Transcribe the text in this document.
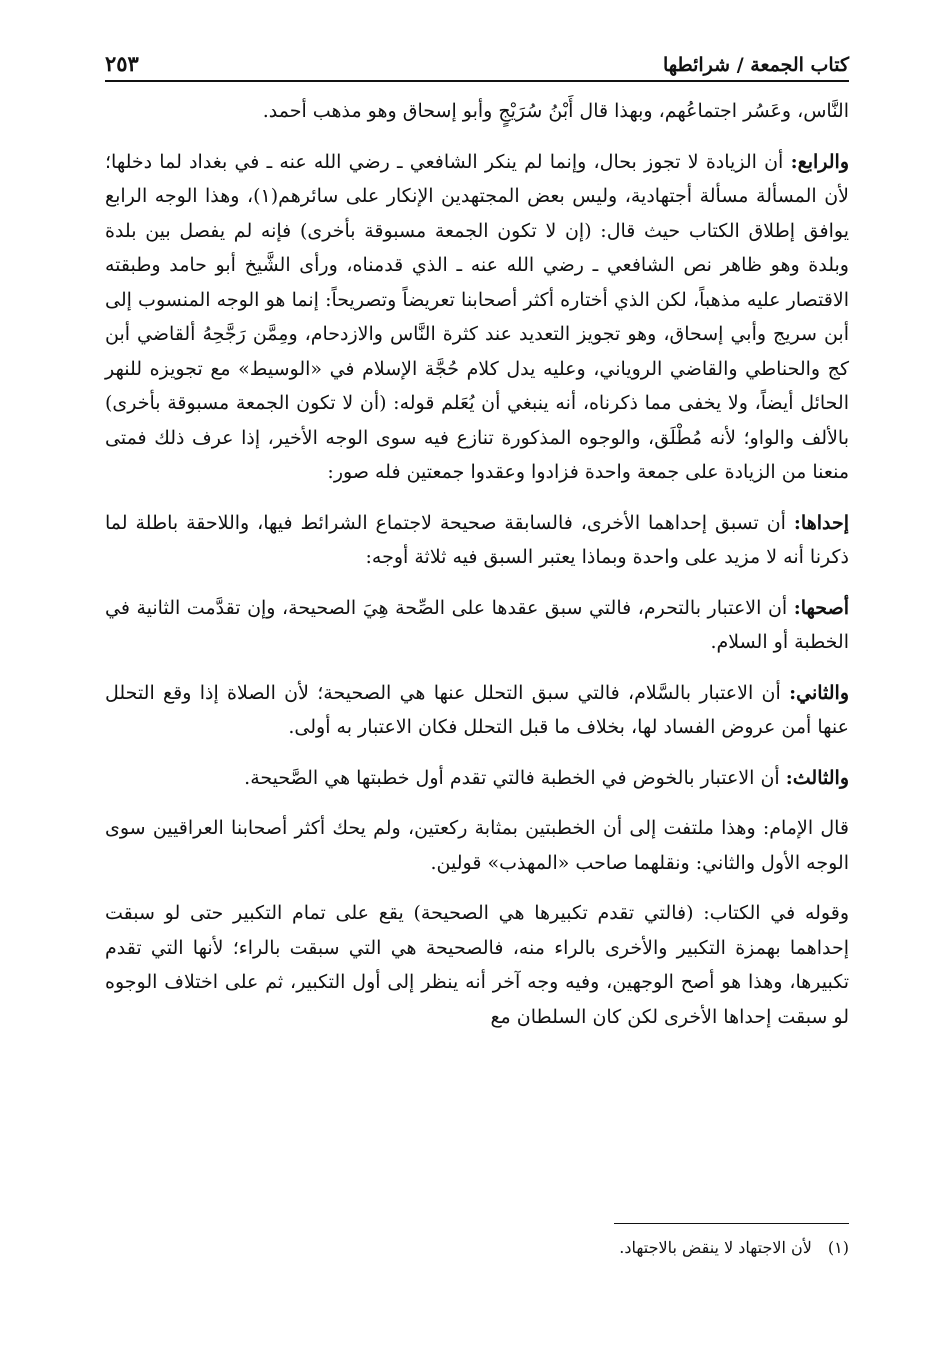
كتاب الجمعة / شرائطها
٢٥٣

النَّاس، وعَسُر اجتماعُهم، وبهذا قال أَبْنُ سُرَيْجٍ وأبو إسحاق وهو مذهب أحمد.

والرابع: أن الزيادة لا تجوز بحال، وإنما لم ينكر الشافعي ـ رضي الله عنه ـ في بغداد لما دخلها؛ لأن المسألة مسألة أجتهادية، وليس بعض المجتهدين الإنكار على سائرهم(١)، وهذا الوجه الرابع يوافق إطلاق الكتاب حيث قال: (إن لا تكون الجمعة مسبوقة بأخرى) فإنه لم يفصل بين بلدة وبلدة وهو ظاهر نص الشافعي ـ رضي الله عنه ـ الذي قدمناه، ورأى الشَّيخ أبو حامد وطبقته الاقتصار عليه مذهباً، لكن الذي أختاره أكثر أصحابنا تعريضاً وتصريحاً: إنما هو الوجه المنسوب إلى أبن سريج وأبي إسحاق، وهو تجويز التعديد عند كثرة النَّاس والازدحام، ومِمَّن رَجَّحِهُ ألقاضي أبن كج والحناطي والقاضي الروياني، وعليه يدل كلام حُجَّة الإسلام في «الوسيط» مع تجويزه للنهر الحائل أيضاً، ولا يخفى مما ذكرناه، أنه ينبغي أن يُعَلم قوله: (أن لا تكون الجمعة مسبوقة بأخرى) بالألف والواو؛ لأنه مُطْلَق، والوجوه المذكورة تنازع فيه سوى الوجه الأخير، إذا عرف ذلك فمتى منعنا من الزيادة على جمعة واحدة فزادوا وعقدوا جمعتين فله صور:

إحداها: أن تسبق إحداهما الأخرى، فالسابقة صحيحة لاجتماع الشرائط فيها، واللاحقة باطلة لما ذكرنا أنه لا مزيد على واحدة وبماذا يعتبر السبق فيه ثلاثة أوجه:

أصحها: أن الاعتبار بالتحرم، فالتي سبق عقدها على الصِّحة هِيَ الصحيحة، وإن تقدَّمت الثانية في الخطبة أو السلام.

والثاني: أن الاعتبار بالسَّلام، فالتي سبق التحلل عنها هي الصحيحة؛ لأن الصلاة إذا وقع التحلل عنها أمن عروض الفساد لها، بخلاف ما قبل التحلل فكان الاعتبار به أولى.

والثالث: أن الاعتبار بالخوض في الخطبة فالتي تقدم أول خطبتها هي الصَّحيحة.

قال الإمام: وهذا ملتفت إلى أن الخطبتين بمثابة ركعتين، ولم يحك أكثر أصحابنا العراقيين سوى الوجه الأول والثاني: ونقلهما صاحب «المهذب» قولين.

وقوله في الكتاب: (فالتي تقدم تكبيرها هي الصحيحة) يقع على تمام التكبير حتى لو سبقت إحداهما بهمزة التكبير والأخرى بالراء منه، فالصحيحة هي التي سبقت بالراء؛ لأنها التي تقدم تكبيرها، وهذا هو أصح الوجهين، وفيه وجه آخر أنه ينظر إلى أول التكبير، ثم على اختلاف الوجوه لو سبقت إحداها الأخرى لكن كان السلطان مع

(١)لأن الاجتهاد لا ينقض بالاجتهاد.
